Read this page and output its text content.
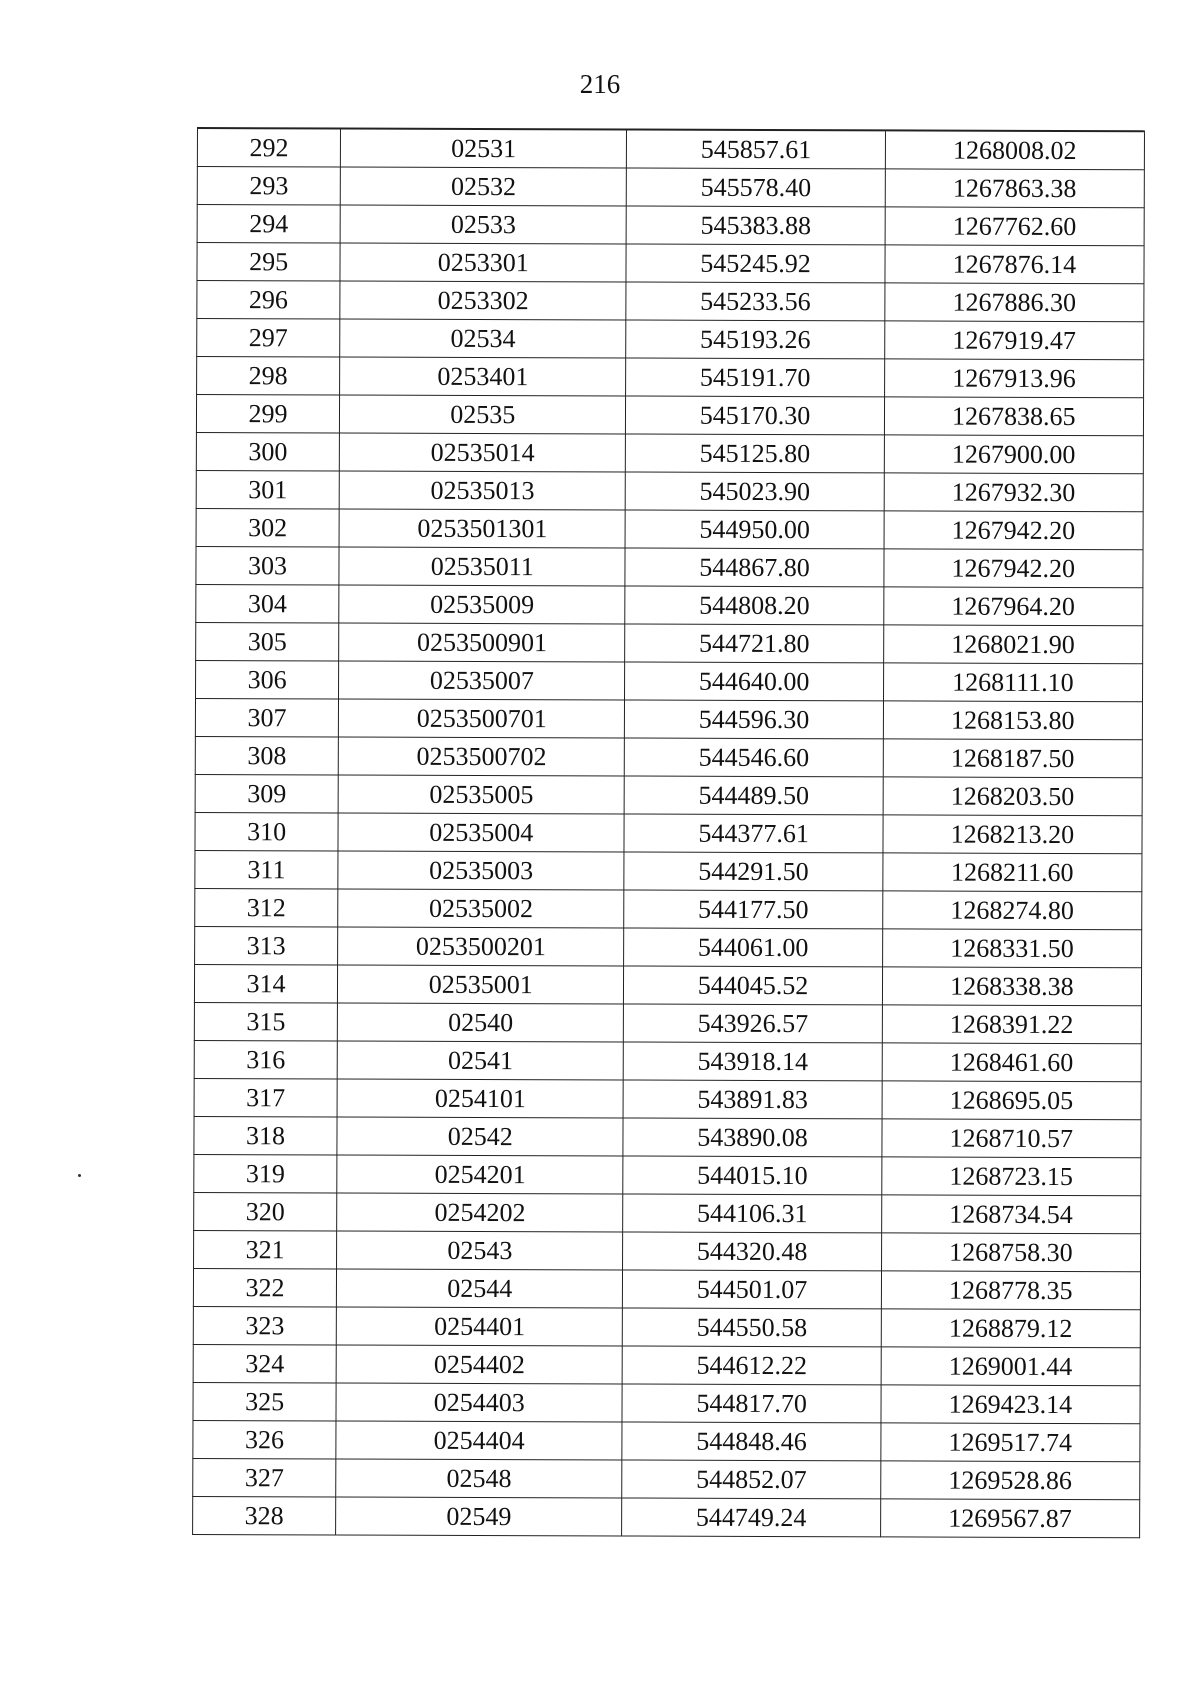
216
292	02531	545857.61	1268008.02
293	02532	545578.40	1267863.38
294	02533	545383.88	1267762.60
295	0253301	545245.92	1267876.14
296	0253302	545233.56	1267886.30
297	02534	545193.26	1267919.47
298	0253401	545191.70	1267913.96
299	02535	545170.30	1267838.65
300	02535014	545125.80	1267900.00
301	02535013	545023.90	1267932.30
302	0253501301	544950.00	1267942.20
303	02535011	544867.80	1267942.20
304	02535009	544808.20	1267964.20
305	0253500901	544721.80	1268021.90
306	02535007	544640.00	1268111.10
307	0253500701	544596.30	1268153.80
308	0253500702	544546.60	1268187.50
309	02535005	544489.50	1268203.50
310	02535004	544377.61	1268213.20
311	02535003	544291.50	1268211.60
312	02535002	544177.50	1268274.80
313	0253500201	544061.00	1268331.50
314	02535001	544045.52	1268338.38
315	02540	543926.57	1268391.22
316	02541	543918.14	1268461.60
317	0254101	543891.83	1268695.05
318	02542	543890.08	1268710.57
319	0254201	544015.10	1268723.15
320	0254202	544106.31	1268734.54
321	02543	544320.48	1268758.30
322	02544	544501.07	1268778.35
323	0254401	544550.58	1268879.12
324	0254402	544612.22	1269001.44
325	0254403	544817.70	1269423.14
326	0254404	544848.46	1269517.74
327	02548	544852.07	1269528.86
328	02549	544749.24	1269567.87
